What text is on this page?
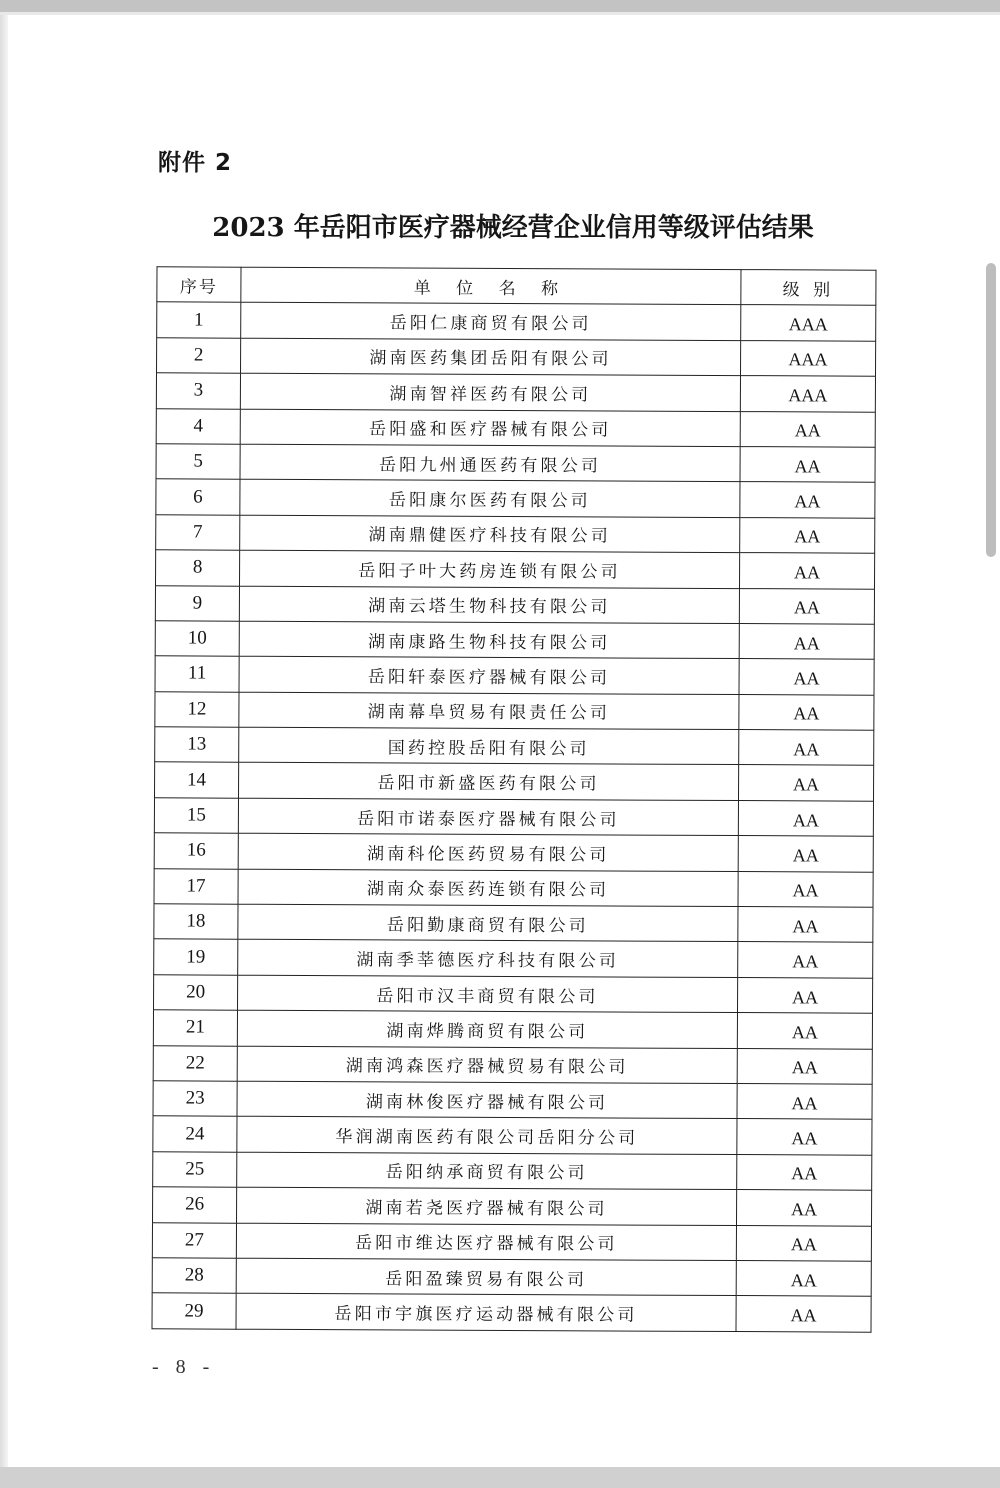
附件 2
2023 年岳阳市医疗器械经营企业信用等级评估结果
序号	单 位 名 称	级 别
1	岳阳仁康商贸有限公司	AAA
2	湖南医药集团岳阳有限公司	AAA
3	湖南智祥医药有限公司	AAA
4	岳阳盛和医疗器械有限公司	AA
5	岳阳九州通医药有限公司	AA
6	岳阳康尔医药有限公司	AA
7	湖南鼎健医疗科技有限公司	AA
8	岳阳子叶大药房连锁有限公司	AA
9	湖南云塔生物科技有限公司	AA
10	湖南康路生物科技有限公司	AA
11	岳阳轩泰医疗器械有限公司	AA
12	湖南幕阜贸易有限责任公司	AA
13	国药控股岳阳有限公司	AA
14	岳阳市新盛医药有限公司	AA
15	岳阳市诺泰医疗器械有限公司	AA
16	湖南科伦医药贸易有限公司	AA
17	湖南众泰医药连锁有限公司	AA
18	岳阳勤康商贸有限公司	AA
19	湖南季莘德医疗科技有限公司	AA
20	岳阳市汉丰商贸有限公司	AA
21	湖南烨腾商贸有限公司	AA
22	湖南鸿森医疗器械贸易有限公司	AA
23	湖南林俊医疗器械有限公司	AA
24	华润湖南医药有限公司岳阳分公司	AA
25	岳阳纳承商贸有限公司	AA
26	湖南若尧医疗器械有限公司	AA
27	岳阳市维达医疗器械有限公司	AA
28	岳阳盈臻贸易有限公司	AA
29	岳阳市宇旗医疗运动器械有限公司	AA
- 8 -
